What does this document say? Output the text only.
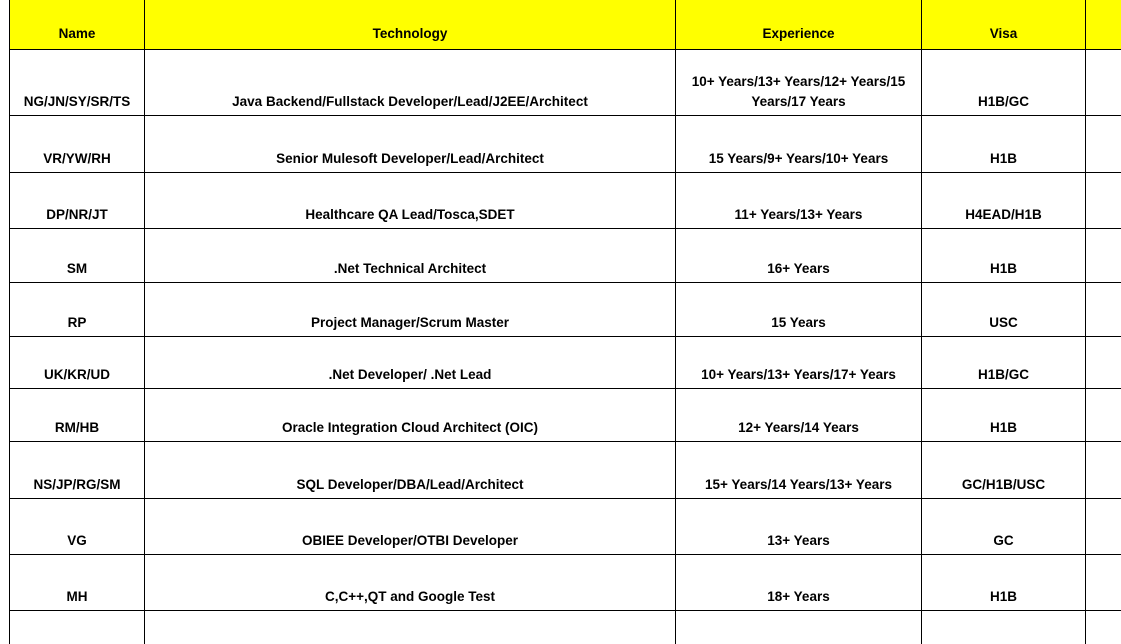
Name	Technology	Experience	Visa	
NG/JN/SY/SR/TS	Java Backend/Fullstack Developer/Lead/J2EE/Architect	10+ Years/13+ Years/12+ Years/15 Years/17 Years	H1B/GC	
VR/YW/RH	Senior Mulesoft Developer/Lead/Architect	15 Years/9+ Years/10+ Years	H1B	
DP/NR/JT	Healthcare QA Lead/Tosca,SDET	11+ Years/13+ Years	H4EAD/H1B	
SM	.Net Technical Architect	16+ Years	H1B	
RP	Project Manager/Scrum Master	15 Years	USC	
UK/KR/UD	.Net Developer/ .Net Lead	10+ Years/13+ Years/17+ Years	H1B/GC	
RM/HB	Oracle Integration Cloud Architect (OIC)	12+ Years/14 Years	H1B	
NS/JP/RG/SM	SQL Developer/DBA/Lead/Architect	15+ Years/14 Years/13+ Years	GC/H1B/USC	
VG	OBIEE Developer/OTBI Developer	13+ Years	GC	
MH	C,C++,QT and Google Test	18+ Years	H1B	
